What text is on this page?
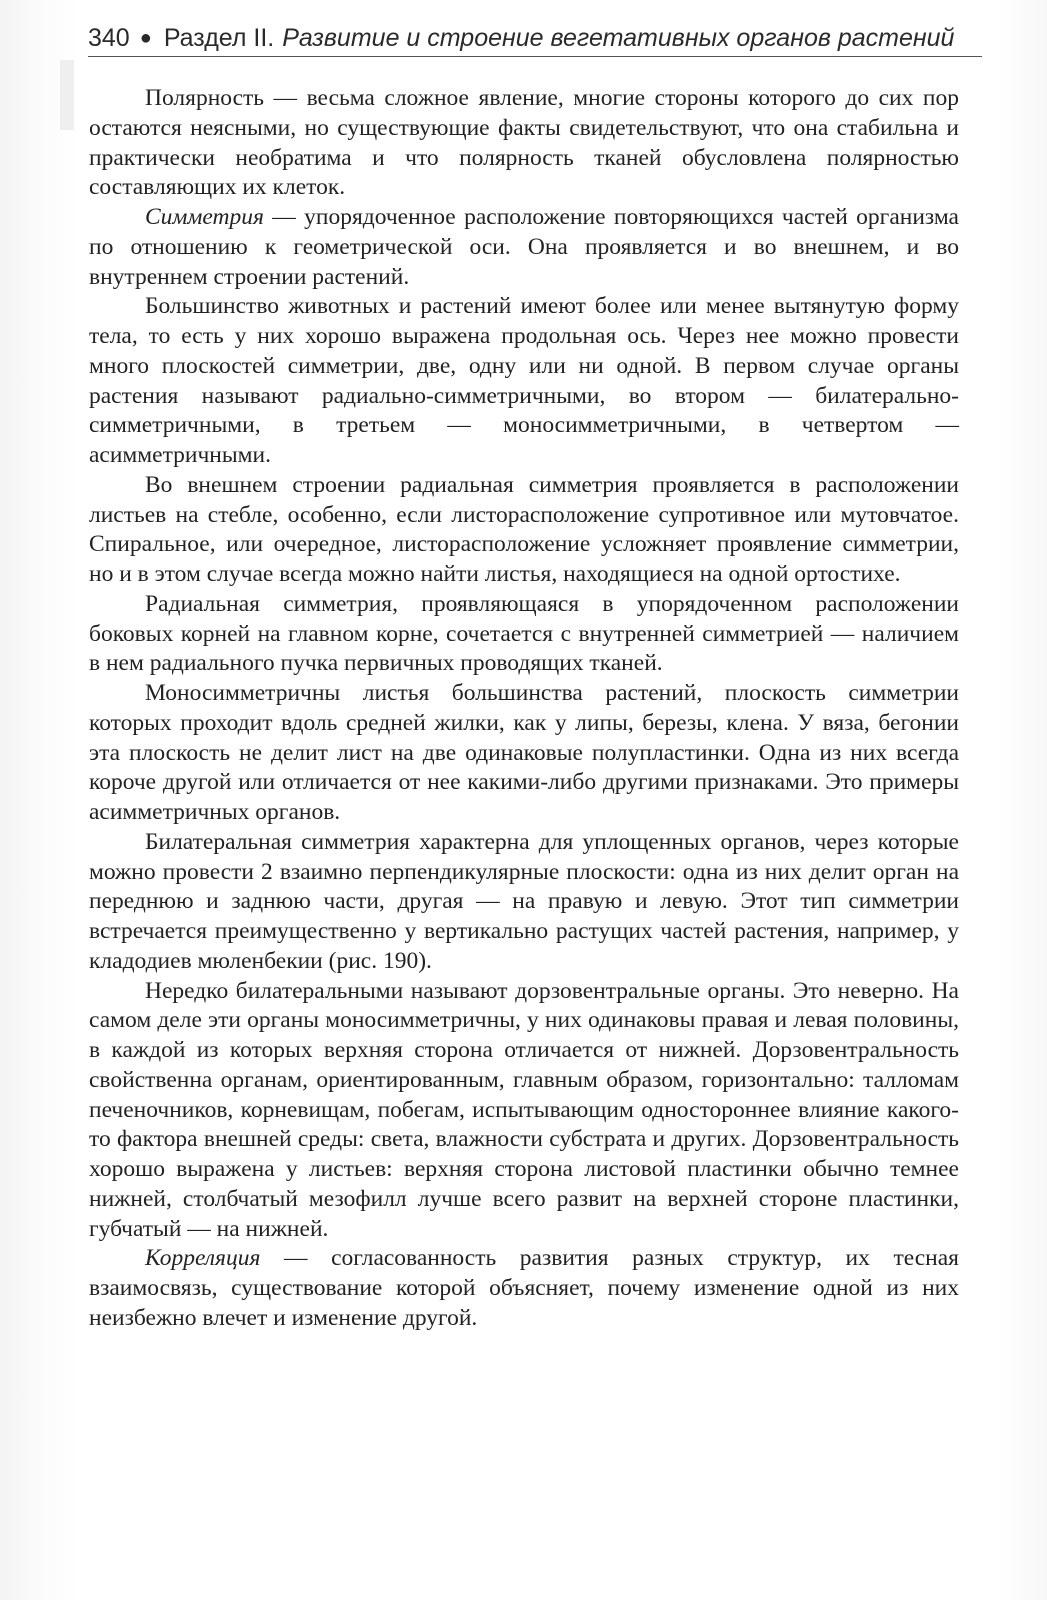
340 ● Раздел II. Развитие и строение вегетативных органов растений

Полярность — весьма сложное явление, многие стороны которого до сих пор остаются неясными, но существующие факты свидетельствуют, что она стабильна и практически необратима и что полярность тканей обусловлена полярностью составляющих их клеток.

Симметрия — упорядоченное расположение повторяющихся частей организма по отношению к геометрической оси. Она проявляется и во внешнем, и во внутреннем строении растений.

Большинство животных и растений имеют более или менее вытянутую форму тела, то есть у них хорошо выражена продольная ось. Через нее можно провести много плоскостей симметрии, две, одну или ни одной. В первом случае органы растения называют радиально-симметричными, во втором — билатерально-симметричными, в третьем — моносимметричными, в четвертом — асимметричными.

Во внешнем строении радиальная симметрия проявляется в расположении листьев на стебле, особенно, если листорасположение супротивное или мутовчатое. Спиральное, или очередное, листорасположение усложняет проявление симметрии, но и в этом случае всегда можно найти листья, находящиеся на одной ортостихе.

Радиальная симметрия, проявляющаяся в упорядоченном расположении боковых корней на главном корне, сочетается с внутренней симметрией — наличием в нем радиального пучка первичных проводящих тканей.

Моносимметричны листья большинства растений, плоскость симметрии которых проходит вдоль средней жилки, как у липы, березы, клена. У вяза, бегонии эта плоскость не делит лист на две одинаковые полупластинки. Одна из них всегда короче другой или отличается от нее какими-либо другими признаками. Это примеры асимметричных органов.

Билатеральная симметрия характерна для уплощенных органов, через которые можно провести 2 взаимно перпендикулярные плоскости: одна из них делит орган на переднюю и заднюю части, другая — на правую и левую. Этот тип симметрии встречается преимущественно у вертикально растущих частей растения, например, у кладодиев мюленбекии (рис. 190).

Нередко билатеральными называют дорзовентральные органы. Это неверно. На самом деле эти органы моносимметричны, у них одинаковы правая и левая половины, в каждой из которых верхняя сторона отличается от нижней. Дорзовентральность свойственна органам, ориентированным, главным образом, горизонтально: талломам печеночников, корневищам, побегам, испытывающим одностороннее влияние какого-то фактора внешней среды: света, влажности субстрата и других. Дорзовентральность хорошо выражена у листьев: верхняя сторона листовой пластинки обычно темнее нижней, столбчатый мезофилл лучше всего развит на верхней стороне пластинки, губчатый — на нижней.

Корреляция — согласованность развития разных структур, их тесная взаимосвязь, существование которой объясняет, почему изменение одной из них неизбежно влечет и изменение другой.
